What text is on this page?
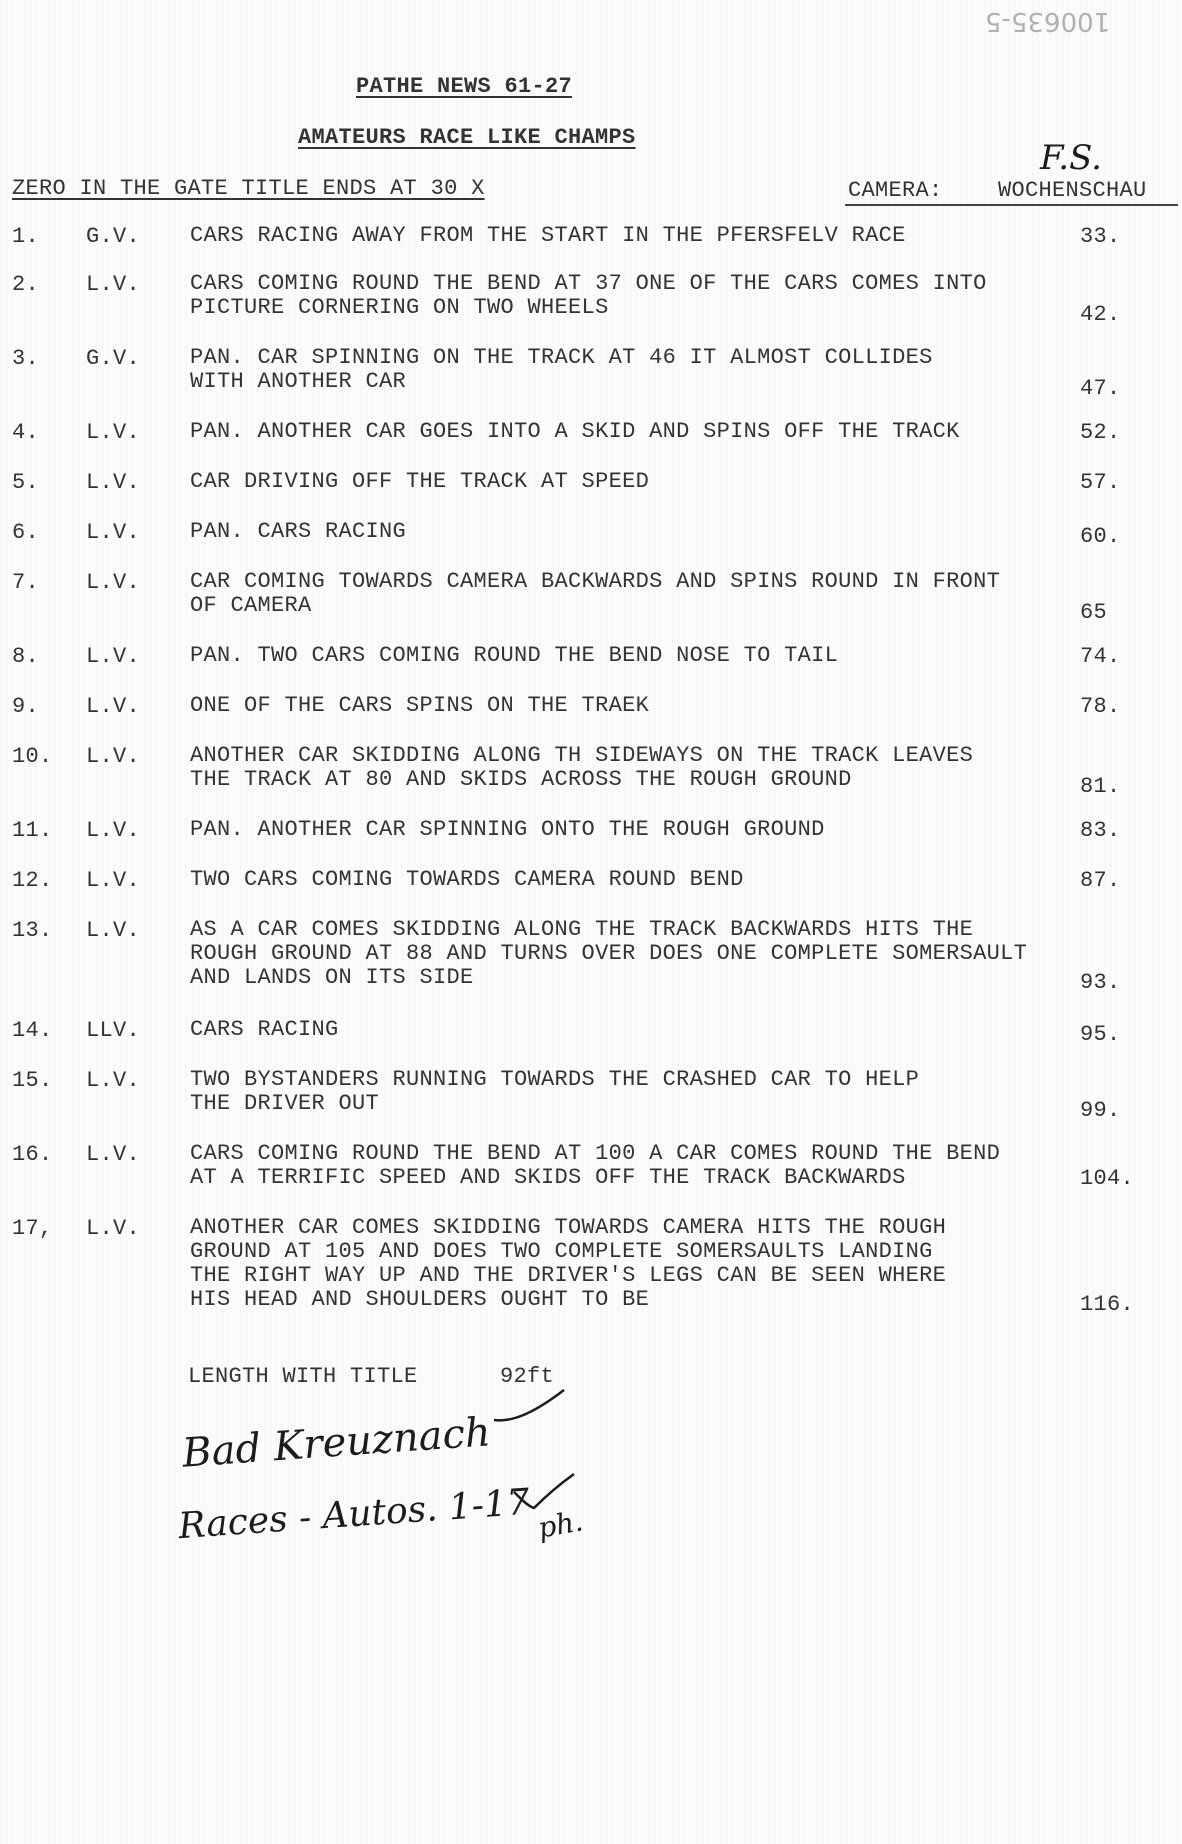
100635-5
PATHE NEWS 61-27
AMATEURS RACE LIKE CHAMPS
F.S.
ZERO IN THE GATE TITLE ENDS AT 30 X	CAMERA:	WOCHENSCHAU
1.	G.V.	CARS RACING AWAY FROM THE START IN THE PFERSFELV RACE	33.
2.	L.V.	CARS COMING ROUND THE BEND AT 37 ONE OF THE CARS COMES INTO
PICTURE CORNERING ON TWO WHEELS	42.
3.	G.V.	PAN. CAR SPINNING ON THE TRACK AT 46 IT ALMOST COLLIDES
WITH ANOTHER CAR	47.
4.	L.V.	PAN. ANOTHER CAR GOES INTO A SKID AND SPINS OFF THE TRACK	52.
5.	L.V.	CAR DRIVING OFF THE TRACK AT SPEED	57.
6.	L.V.	PAN. CARS RACING	60.
7.	L.V.	CAR COMING TOWARDS CAMERA BACKWARDS AND SPINS ROUND IN FRONT
OF CAMERA	65
8.	L.V.	PAN. TWO CARS COMING ROUND THE BEND NOSE TO TAIL	74.
9.	L.V.	ONE OF THE CARS SPINS ON THE TRAEK	78.
10.	L.V.	ANOTHER CAR SKIDDING ALONG TH SIDEWAYS ON THE TRACK LEAVES
THE TRACK AT 80 AND SKIDS ACROSS THE ROUGH GROUND	81.
11.	L.V.	PAN. ANOTHER CAR SPINNING ONTO THE ROUGH GROUND	83.
12.	L.V.	TWO CARS COMING TOWARDS CAMERA ROUND BEND	87.
13.	L.V.	AS A CAR COMES SKIDDING ALONG THE TRACK BACKWARDS HITS THE
ROUGH GROUND AT 88 AND TURNS OVER DOES ONE COMPLETE SOMERSAULT
AND LANDS ON ITS SIDE	93.
14.	LLV.	CARS RACING	95.
15.	L.V.	TWO BYSTANDERS RUNNING TOWARDS THE CRASHED CAR TO HELP
THE DRIVER OUT	99.
16.	L.V.	CARS COMING ROUND THE BEND AT 100 A CAR COMES ROUND THE BEND
AT A TERRIFIC SPEED AND SKIDS OFF THE TRACK BACKWARDS	104.
17,	L.V.	ANOTHER CAR COMES SKIDDING TOWARDS CAMERA HITS THE ROUGH
GROUND AT 105 AND DOES TWO COMPLETE SOMERSAULTS LANDING
THE RIGHT WAY UP AND THE DRIVER'S LEGS CAN BE SEEN WHERE
HIS HEAD AND SHOULDERS OUGHT TO BE	116.
LENGTH WITH TITLE	92ft
Bad Kreuznach
Races - Autos. 1-17 ph.
